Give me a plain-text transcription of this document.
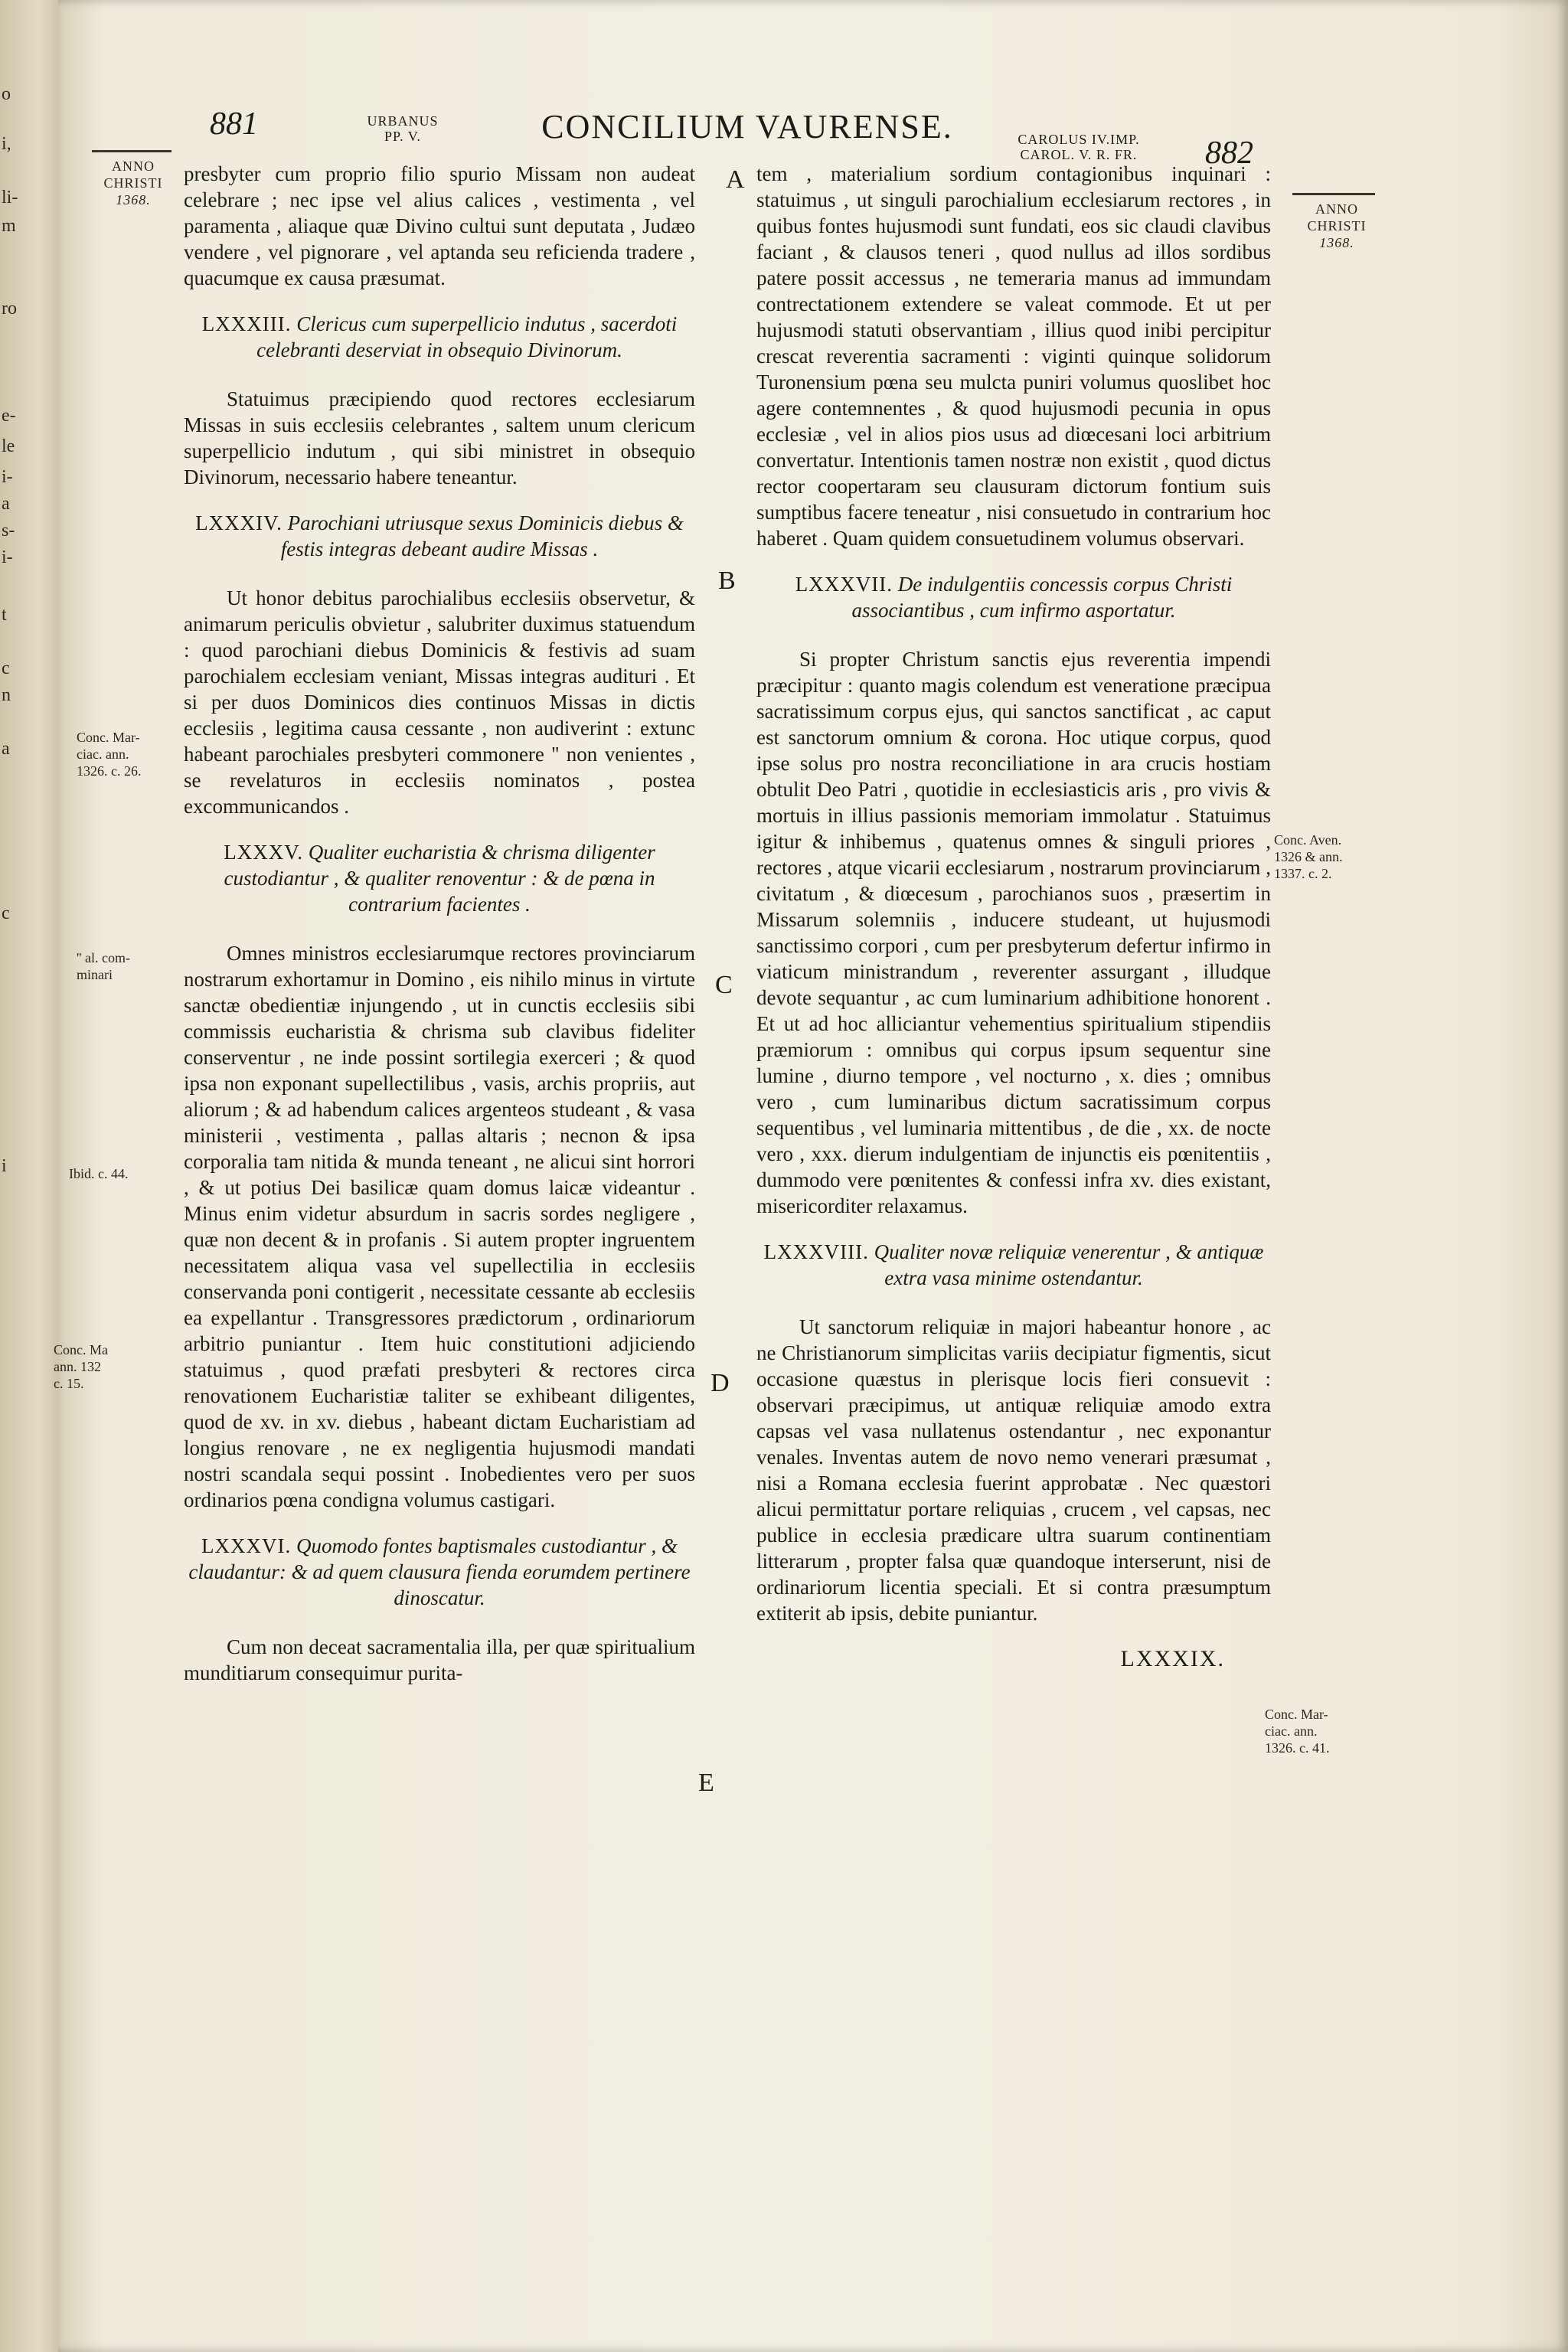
o
i,
li-
m
ro
e-
le
i-
a
s-
i-
t
c
n
a
c
i
881	URBANUS
PP. V.	CONCILIUM VAURENSE.	CAROLUS IV.IMP.
CAROL. V. R. FR.	882
ANNO
CHRISTI
1368.
ANNO
CHRISTI
1368.
Conc. Mar-
ciac. ann.
1326. c. 26.
'' al. com-
minari
Ibid. c. 44.
Conc. Ma
ann. 132
c. 15.
Conc. Aven.
1326 & ann.
1337. c. 2.
Conc. Mar-
ciac. ann.
1326. c. 41.
A
B
C
D
E

presbyter cum proprio filio spurio Missam non audeat celebrare ; nec ipse vel alius calices , vestimenta , vel paramenta , aliaque quæ Divino cultui sunt deputata , Judæo vendere , vel pignorare , vel aptanda seu reficienda tradere , quacumque ex causa præsumat.

LXXXIII. Clericus cum superpellicio indutus , sacerdoti celebranti deserviat in obsequio Divinorum.

Statuimus præcipiendo quod rectores ecclesiarum Missas in suis ecclesiis celebrantes , saltem unum clericum superpellicio indutum , qui sibi ministret in obsequio Divinorum, necessario habere teneantur.

LXXXIV. Parochiani utriusque sexus Dominicis diebus & festis integras debeant audire Missas .

Ut honor debitus parochialibus ecclesiis observetur, & animarum periculis obvietur , salubriter duximus statuendum : quod parochiani diebus Dominicis & festivis ad suam parochialem ecclesiam veniant, Missas integras audituri . Et si per duos Dominicos dies continuos Missas in dictis ecclesiis , legitima causa cessante , non audiverint : extunc habeant parochiales presbyteri commonere '' non venientes , se revelaturos in ecclesiis nominatos , postea excommunicandos .

LXXXV. Qualiter eucharistia & chrisma diligenter custodiantur , & qualiter renoventur : & de pœna in contrarium facientes .

Omnes ministros ecclesiarumque rectores provinciarum nostrarum exhortamur in Domino , eis nihilo minus in virtute sanctæ obedientiæ injungendo , ut in cunctis ecclesiis sibi commissis eucharistia & chrisma sub clavibus fideliter conserventur , ne inde possint sortilegia exerceri ; & quod ipsa non exponant supellectilibus , vasis, archis propriis, aut aliorum ; & ad habendum calices argenteos studeant , & vasa ministerii , vestimenta , pallas altaris ; necnon & ipsa corporalia tam nitida & munda teneant , ne alicui sint horrori , & ut potius Dei basilicæ quam domus laicæ videantur . Minus enim videtur absurdum in sacris sordes negligere , quæ non decent & in profanis . Si autem propter ingruentem necessitatem aliqua vasa vel supellectilia in ecclesiis conservanda poni contigerit , necessitate cessante ab ecclesiis ea expellantur . Transgressores prædictorum , ordinariorum arbitrio puniantur . Item huic constitutioni adjiciendo statuimus , quod præfati presbyteri & rectores circa renovationem Eucharistiæ taliter se exhibeant diligentes, quod de xv. in xv. diebus , habeant dictam Eucharistiam ad longius renovare , ne ex negligentia hujusmodi mandati nostri scandala sequi possint . Inobedientes vero per suos ordinarios pœna condigna volumus castigari.

LXXXVI. Quomodo fontes baptismales custodiantur , & claudantur: & ad quem clausura fienda eorumdem pertinere dinoscatur.

Cum non deceat sacramentalia illa, per quæ spiritualium munditiarum consequimur purita-

tem , materialium sordium contagionibus inquinari : statuimus , ut singuli parochialium ecclesiarum rectores , in quibus fontes hujusmodi sunt fundati, eos sic claudi clavibus faciant , & clausos teneri , quod nullus ad illos sordibus patere possit accessus , ne temeraria manus ad immundam contrectationem extendere se valeat commode. Et ut per hujusmodi statuti observantiam , illius quod inibi percipitur crescat reverentia sacramenti : viginti quinque solidorum Turonensium pœna seu mulcta puniri volumus quoslibet hoc agere contemnentes , & quod hujusmodi pecunia in opus ecclesiæ , vel in alios pios usus ad diœcesani loci arbitrium convertatur. Intentionis tamen nostræ non existit , quod dictus rector coopertaram seu clausuram dictorum fontium suis sumptibus facere teneatur , nisi consuetudo in contrarium hoc haberet . Quam quidem consuetudinem volumus observari.

LXXXVII. De indulgentiis concessis corpus Christi associantibus , cum infirmo asportatur.

Si propter Christum sanctis ejus reverentia impendi præcipitur : quanto magis colendum est veneratione præcipua sacratissimum corpus ejus, qui sanctos sanctificat , ac caput est sanctorum omnium & corona. Hoc utique corpus, quod ipse solus pro nostra reconciliatione in ara crucis hostiam obtulit Deo Patri , quotidie in ecclesiasticis aris , pro vivis & mortuis in illius passionis memoriam immolatur . Statuimus igitur & inhibemus , quatenus omnes & singuli priores , rectores , atque vicarii ecclesiarum , nostrarum provinciarum , civitatum , & diœcesum , parochianos suos , præsertim in Missarum solemniis , inducere studeant, ut hujusmodi sanctissimo corpori , cum per presbyterum defertur infirmo in viaticum ministrandum , reverenter assurgant , illudque devote sequantur , ac cum luminarium adhibitione honorent . Et ut ad hoc alliciantur vehementius spiritualium stipendiis præmiorum : omnibus qui corpus ipsum sequentur sine lumine , diurno tempore , vel nocturno , x. dies ; omnibus vero , cum luminaribus dictum sacratissimum corpus sequentibus , vel luminaria mittentibus , de die , xx. de nocte vero , xxx. dierum indulgentiam de injunctis eis pœnitentiis , dummodo vere pœnitentes & confessi infra xv. dies existant, misericorditer relaxamus.

LXXXVIII. Qualiter novæ reliquiæ venerentur , & antiquæ extra vasa minime ostendantur.

Ut sanctorum reliquiæ in majori habeantur honore , ac ne Christianorum simplicitas variis decipiatur figmentis, sicut occasione quæstus in plerisque locis fieri consuevit : observari præcipimus, ut antiquæ reliquiæ amodo extra capsas vel vasa nullatenus ostendantur , nec exponantur venales. Inventas autem de novo nemo venerari præsumat , nisi a Romana ecclesia fuerint approbatæ . Nec quæstori alicui permittatur portare reliquias , crucem , vel capsas, nec publice in ecclesia prædicare ultra suarum continentiam litterarum , propter falsa quæ quandoque interserunt, nisi de ordinariorum licentia speciali. Et si contra præsumptum extiterit ab ipsis, debite puniantur.

LXXXIX.
